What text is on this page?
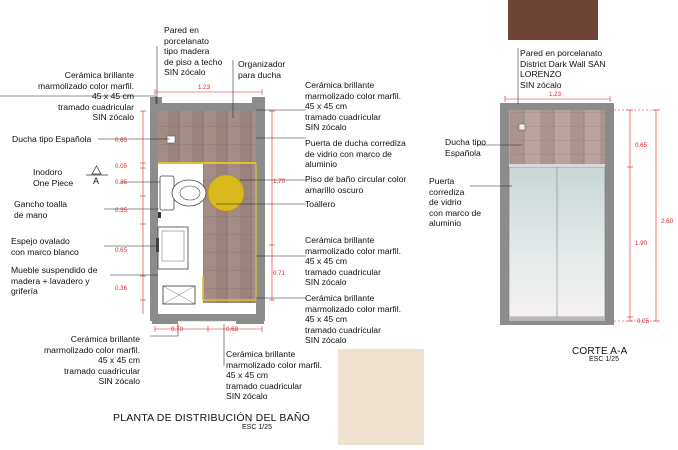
1.23
0.65
0.05
0.35
0.35
0.65
0.36
1.70
0.71
0.70	0.68
A
Cerámica brillante
marmolizado color marfil.
45 x 45 cm
tramado cuadricular
SIN zócalo
Ducha tipo Española
Inodoro
One Piece
Gancho toalla
de mano
Espejo ovalado
con marco blanco
Mueble suspendido de
madera + lavadero y
grifería
Cerámica brillante
marmolizado color marfil.
45 x 45 cm
tramado cuadricular
SIN zócalo
Pared en
porcelanato
tipo madera
de piso a techo
SIN zócalo
Organizador
para ducha
Cerámica brillante
marmolizado color marfil.
45 x 45 cm
tramado cuadricular
SIN zócalo
Puerta de ducha corrediza
de vidrio con marco de
aluminio
Piso de baño circular color
amarillo oscuro
Toallero
Cerámica brillante
marmolizado color marfil.
45 x 45 cm
tramado cuadricular
SIN zócalo
Cerámica brillante
marmolizado color marfil.
45 x 45 cm
tramado cuadricular
SIN zócalo
Cerámica brillante
marmolizado color marfil.
45 x 45 cm
tramado cuadricular
SIN zócalo
PLANTA DE DISTRIBUCIÓN DEL BAÑO
ESC 1/25
Pared en porcelanato
District Dark Wall SAN
LORENZO
SIN zócalo
1.23
Ducha tipo
Española
Puerta
corrediza
de vidrio
con marco de
aluminio
0.65
1.90
0.05
2.60
CORTE A-A
ESC 1/25
